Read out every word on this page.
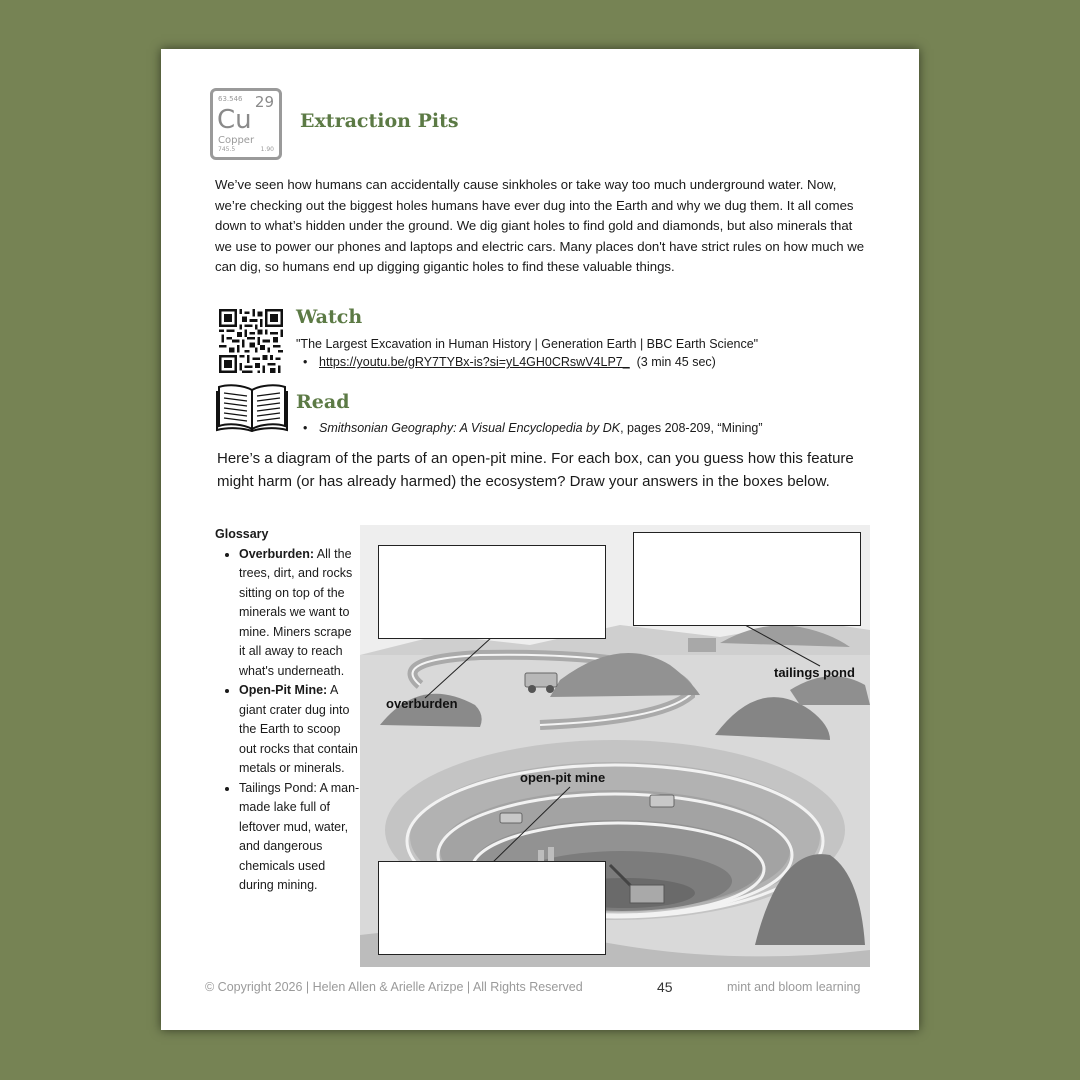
63.546 29
Cu
Copper
745.5	1.90
Extraction Pits
We’ve seen how humans can accidentally cause sinkholes or take way too much underground water. Now, we’re checking out the biggest holes humans have ever dug into the Earth and why we dug them. It all comes down to what’s hidden under the ground. We dig giant holes to find gold and diamonds, but also minerals that we use to power our phones and laptops and electric cars. Many places don't have strict rules on how much we can dig, so humans end up digging gigantic holes to find these valuable things.
Watch
"The Largest Excavation in Human History | Generation Earth | BBC Earth Science"
• https://youtu.be/gRY7TYBx-is?si=yL4GH0CRswV4LP7_ (3 min 45 sec)
Read
• Smithsonian Geography: A Visual Encyclopedia by DK, pages 208-209, “Mining”
Here’s a diagram of the parts of an open-pit mine. For each box, can you guess how this feature might harm (or has already harmed) the ecosystem? Draw your answers in the boxes below.
Glossary
• Overburden: All the trees, dirt, and rocks sitting on top of the minerals we want to mine. Miners scrape it all away to reach what's underneath.
• Open-Pit Mine: A giant crater dug into the Earth to scoop out rocks that contain metals or minerals.
• Tailings Pond: A man-made lake full of leftover mud, water, and dangerous chemicals used during mining.
overburden
tailings pond
open-pit mine
© Copyright 2026 | Helen Allen & Arielle Arizpe | All Rights Reserved	45	mint and bloom learning
